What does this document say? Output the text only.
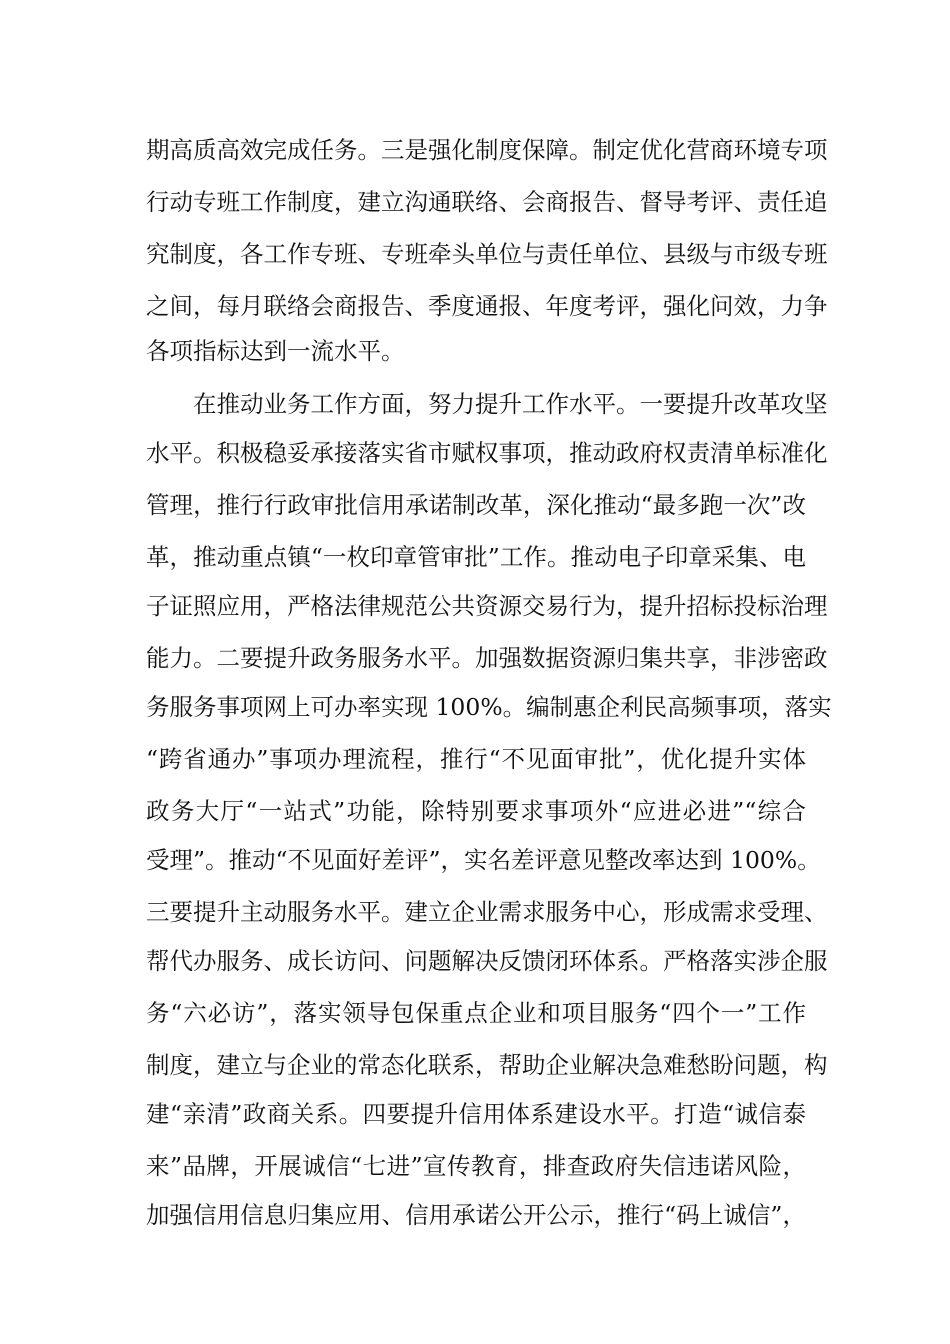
期高质高效完成任务。三是强化制度保障。制定优化营商环境专项
行动专班工作制度，建立沟通联络、会商报告、督导考评、责任追
究制度，各工作专班、专班牵头单位与责任单位、县级与市级专班
之间，每月联络会商报告、季度通报、年度考评，强化问效，力争
各项指标达到一流水平。
在推动业务工作方面，努力提升工作水平。一要提升改革攻坚
水平。积极稳妥承接落实省市赋权事项，推动政府权责清单标准化
管理，推行行政审批信用承诺制改革，深化推动“最多跑一次”改
革，推动重点镇“一枚印章管审批”工作。推动电子印章采集、电
子证照应用，严格法律规范公共资源交易行为，提升招标投标治理
能力。二要提升政务服务水平。加强数据资源归集共享，非涉密政
务服务事项网上可办率实现 100%。编制惠企利民高频事项，落实
“跨省通办”事项办理流程，推行“不见面审批”，优化提升实体
政务大厅“一站式”功能，除特别要求事项外“应进必进”“综合
受理”。推动“不见面好差评”，实名差评意见整改率达到 100%。
三要提升主动服务水平。建立企业需求服务中心，形成需求受理、
帮代办服务、成长访问、问题解决反馈闭环体系。严格落实涉企服
务“六必访”，落实领导包保重点企业和项目服务“四个一”工作
制度，建立与企业的常态化联系，帮助企业解决急难愁盼问题，构
建“亲清”政商关系。四要提升信用体系建设水平。打造“诚信泰
来”品牌，开展诚信“七进”宣传教育，排查政府失信违诺风险，
加强信用信息归集应用、信用承诺公开公示，推行“码上诚信”，
